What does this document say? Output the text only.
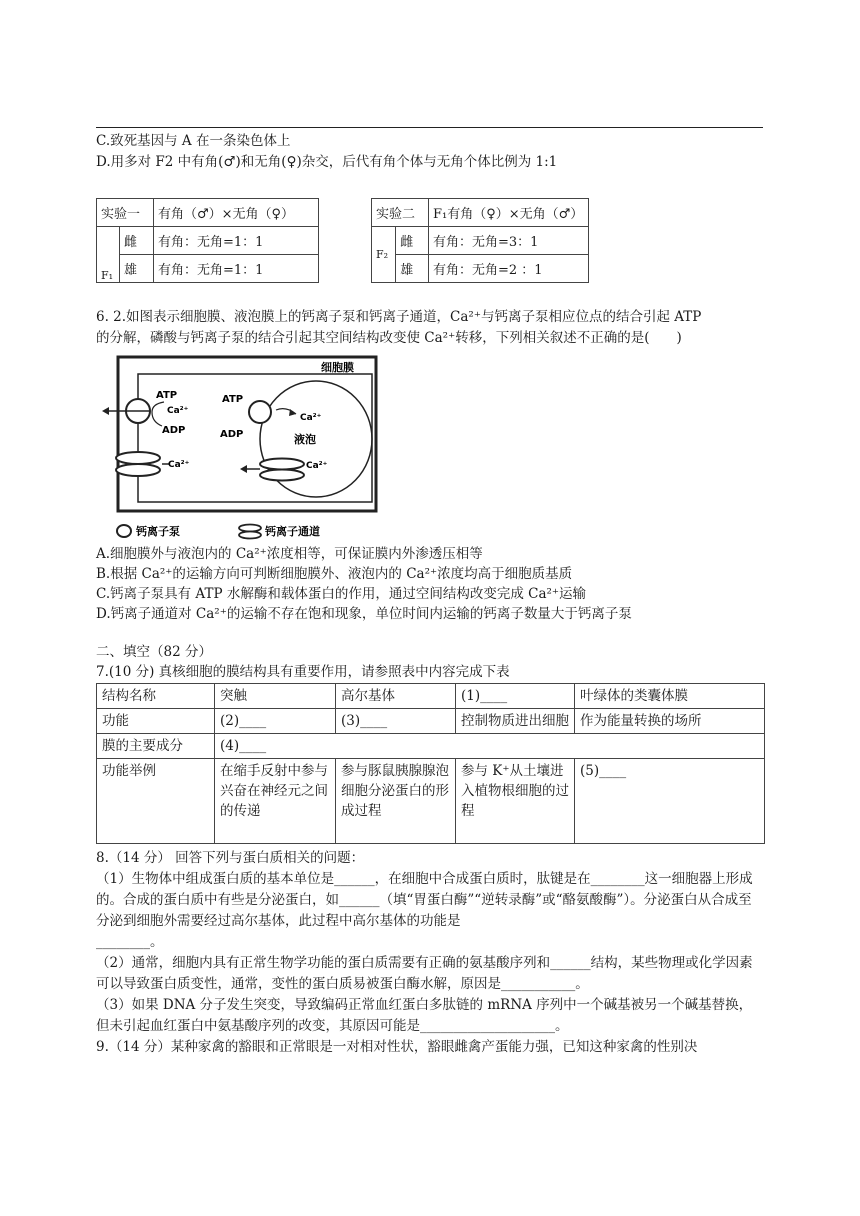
C.致死基因与 A 在一条染色体上
D.用多对 F2 中有角(♂)和无角(♀)杂交，后代有角个体与无角个体比例为 1:1
实验一		有角（♂）×无角（♀）
F₁	雌	有角：无角=1：1
	雄	有角：无角=1：1
实验二		F₁有角（♀）×无角（♂）
F₂	雌	有角：无角=3：1
	雄	有角：无角=2 ：1
6. 2.如图表示细胞膜、液泡膜上的钙离子泵和钙离子通道，Ca²⁺与钙离子泵相应位点的结合引起 ATP
的分解，磷酸与钙离子泵的结合引起其空间结构改变使 Ca²⁺转移，下列相关叙述不正确的是(　　)
细胞膜
ATP
Ca²⁺
ADP
Ca²⁺
液泡
ATP
ADP
Ca²⁺
Ca²⁺
钙离子泵	钙离子通道
A.细胞膜外与液泡内的 Ca²⁺浓度相等，可保证膜内外渗透压相等
B.根据 Ca²⁺的运输方向可判断细胞膜外、液泡内的 Ca²⁺浓度均高于细胞质基质
C.钙离子泵具有 ATP 水解酶和载体蛋白的作用，通过空间结构改变完成 Ca²⁺运输
D.钙离子通道对 Ca²⁺的运输不存在饱和现象，单位时间内运输的钙离子数量大于钙离子泵
二、填空（82 分）
7.(10 分) 真核细胞的膜结构具有重要作用，请参照表中内容完成下表
结构名称	突触	高尔基体	(1)____	叶绿体的类囊体膜
功能	(2)____	(3)____	控制物质进出细胞	作为能量转换的场所
膜的主要成分	(4)____			
功能举例	在缩手反射中参与兴奋在神经元之间的传递	参与豚鼠胰腺腺泡细胞分泌蛋白的形成过程	参与 K⁺从土壤进入植物根细胞的过程	(5)____
8.（14 分） 回答下列与蛋白质相关的问题：
（1）生物体中组成蛋白质的基本单位是______，在细胞中合成蛋白质时，肽键是在________这一细胞器上形成的。合成的蛋白质中有些是分泌蛋白，如______（填“胃蛋白酶”“逆转录酶”或“酪氨酸酶”）。分泌蛋白从合成至分泌到细胞外需要经过高尔基体，此过程中高尔基体的功能是
________。
（2）通常，细胞内具有正常生物学功能的蛋白质需要有正确的氨基酸序列和______结构，某些物理或化学因素可以导致蛋白质变性，通常，变性的蛋白质易被蛋白酶水解，原因是___________。
（3）如果 DNA 分子发生突变，导致编码正常血红蛋白多肽链的 mRNA 序列中一个碱基被另一个碱基替换，但未引起血红蛋白中氨基酸序列的改变，其原因可能是____________________。
9.（14 分）某种家禽的豁眼和正常眼是一对相对性状，豁眼雌禽产蛋能力强，已知这种家禽的性别决
